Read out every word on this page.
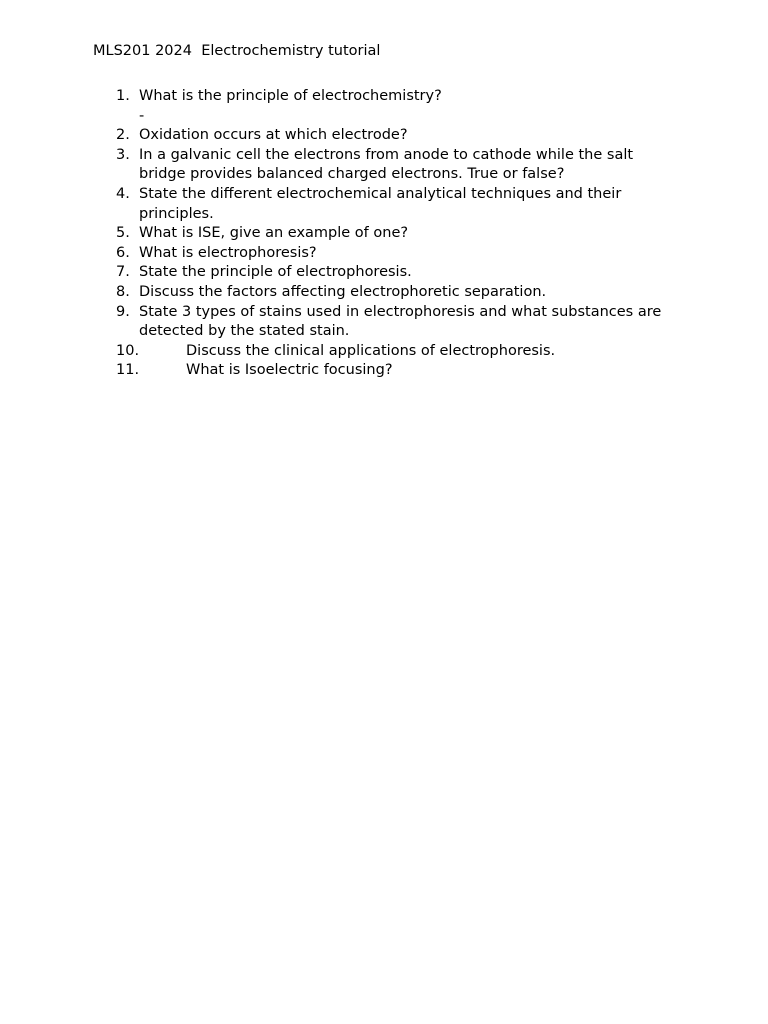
MLS201 2024  Electrochemistry tutorial
1. What is the principle of electrochemistry?
-
2. Oxidation occurs at which electrode?
3. In a galvanic cell the electrons from anode to cathode while the salt bridge provides balanced charged electrons. True or false?
4. State the different electrochemical analytical techniques and their principles.
5. What is ISE, give an example of one?
6. What is electrophoresis?
7. State the principle of electrophoresis.
8. Discuss the factors affecting electrophoretic separation.
9. State 3 types of stains used in electrophoresis and what substances are detected by the stated stain.
10.	Discuss the clinical applications of electrophoresis.
11.	What is Isoelectric focusing?
